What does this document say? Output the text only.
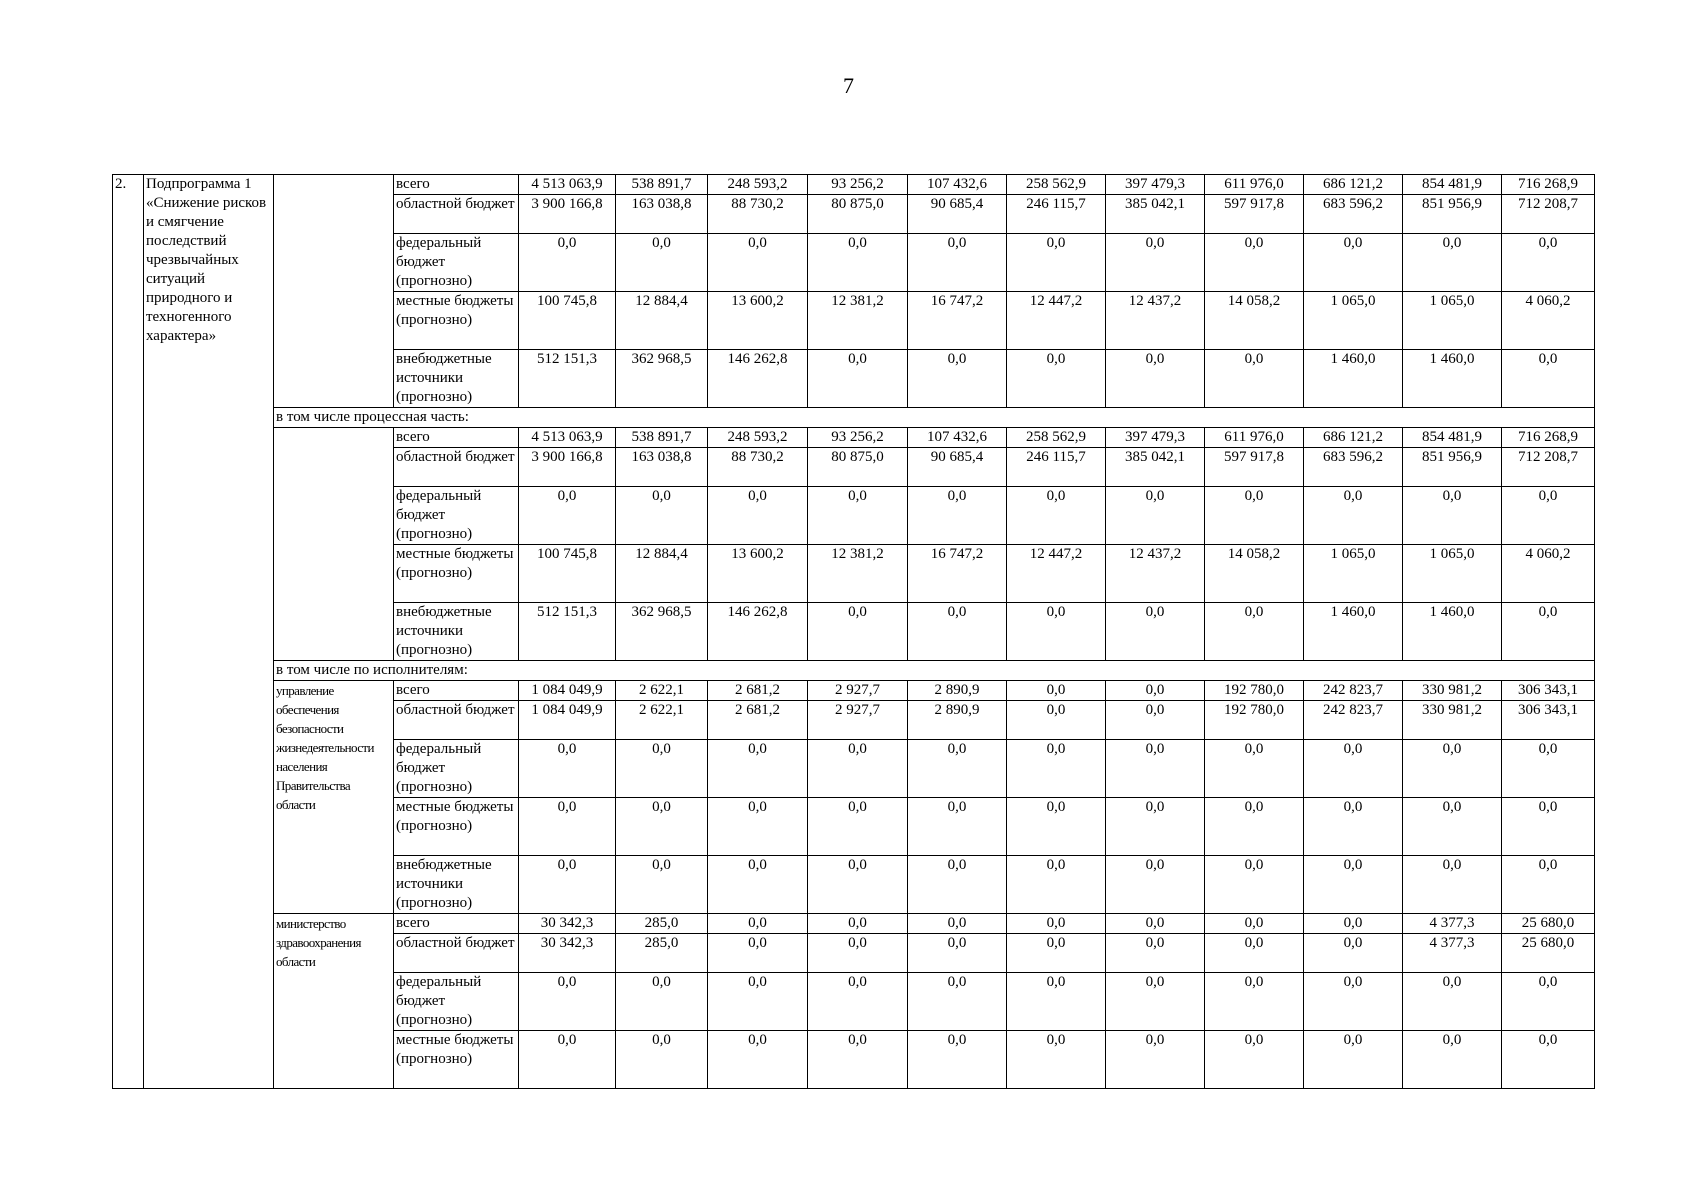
7
2.	Подпрограмма 1 «Снижение рисков и смягчение последствий чрезвычайных ситуаций природного и техногенного характера»		всего	4 513 063,9	538 891,7	248 593,2	93 256,2	107 432,6	258 562,9	397 479,3	611 976,0	686 121,2	854 481,9	716 268,9
			областной бюджет	3 900 166,8	163 038,8	88 730,2	80 875,0	90 685,4	246 115,7	385 042,1	597 917,8	683 596,2	851 956,9	712 208,7
			федеральный бюджет (прогнозно)	0,0	0,0	0,0	0,0	0,0	0,0	0,0	0,0	0,0	0,0	0,0
			местные бюджеты (прогнозно)	100 745,8	12 884,4	13 600,2	12 381,2	16 747,2	12 447,2	12 437,2	14 058,2	1 065,0	1 065,0	4 060,2
			внебюджетные источники (прогнозно)	512 151,3	362 968,5	146 262,8	0,0	0,0	0,0	0,0	0,0	1 460,0	1 460,0	0,0
		в том числе процессная часть:												
			всего	4 513 063,9	538 891,7	248 593,2	93 256,2	107 432,6	258 562,9	397 479,3	611 976,0	686 121,2	854 481,9	716 268,9
			областной бюджет	3 900 166,8	163 038,8	88 730,2	80 875,0	90 685,4	246 115,7	385 042,1	597 917,8	683 596,2	851 956,9	712 208,7
			федеральный бюджет (прогнозно)	0,0	0,0	0,0	0,0	0,0	0,0	0,0	0,0	0,0	0,0	0,0
			местные бюджеты (прогнозно)	100 745,8	12 884,4	13 600,2	12 381,2	16 747,2	12 447,2	12 437,2	14 058,2	1 065,0	1 065,0	4 060,2
			внебюджетные источники (прогнозно)	512 151,3	362 968,5	146 262,8	0,0	0,0	0,0	0,0	0,0	1 460,0	1 460,0	0,0
		в том числе по исполнителям:												
		управление обеспечения безопасности жизнедеятельности населения Правительства области	всего	1 084 049,9	2 622,1	2 681,2	2 927,7	2 890,9	0,0	0,0	192 780,0	242 823,7	330 981,2	306 343,1
			областной бюджет	1 084 049,9	2 622,1	2 681,2	2 927,7	2 890,9	0,0	0,0	192 780,0	242 823,7	330 981,2	306 343,1
			федеральный бюджет (прогнозно)	0,0	0,0	0,0	0,0	0,0	0,0	0,0	0,0	0,0	0,0	0,0
			местные бюджеты (прогнозно)	0,0	0,0	0,0	0,0	0,0	0,0	0,0	0,0	0,0	0,0	0,0
			внебюджетные источники (прогнозно)	0,0	0,0	0,0	0,0	0,0	0,0	0,0	0,0	0,0	0,0	0,0
		министерство здравоохранения области	всего	30 342,3	285,0	0,0	0,0	0,0	0,0	0,0	0,0	0,0	4 377,3	25 680,0
			областной бюджет	30 342,3	285,0	0,0	0,0	0,0	0,0	0,0	0,0	0,0	4 377,3	25 680,0
			федеральный бюджет (прогнозно)	0,0	0,0	0,0	0,0	0,0	0,0	0,0	0,0	0,0	0,0	0,0
			местные бюджеты (прогнозно)	0,0	0,0	0,0	0,0	0,0	0,0	0,0	0,0	0,0	0,0	0,0
